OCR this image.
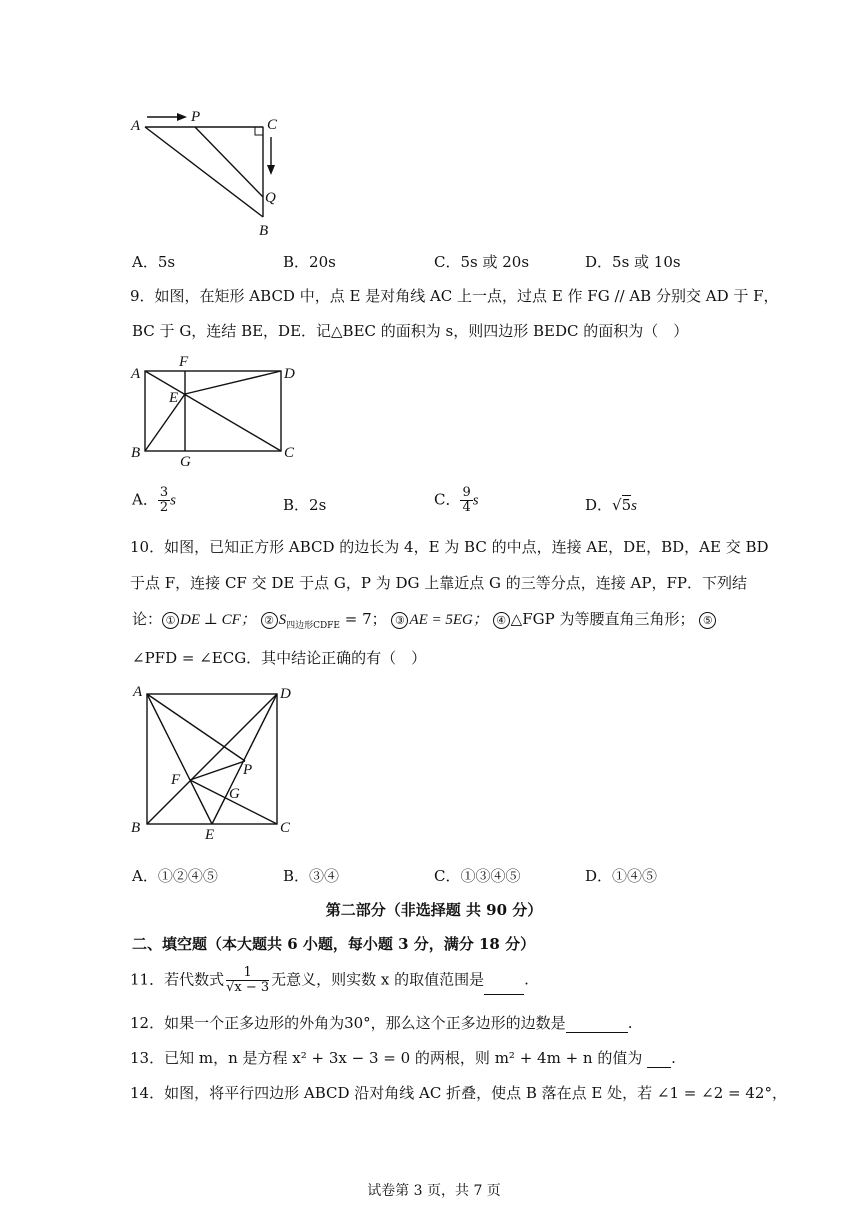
A
P	C
Q
B
A．5s	B．20s	C．5s 或 20s	D．5s 或 10s
9．如图，在矩形 ABCD 中，点 E 是对角线 AC 上一点，过点 E 作 FG // AB 分别交 AD 于 F，
BC 于 G，连结 BE，DE．记△BEC 的面积为 s，则四边形 BEDC 的面积为（　）
A
F
D
E
B
G
C
A． $\frac{3}{2}$ s	B．2s	C． $\frac{9}{4}$ s	D．√5s
10．如图，已知正方形 ABCD 的边长为 4，E 为 BC 的中点，连接 AE，DE，BD，AE 交 BD
于点 F，连接 CF 交 DE 于点 G，P 为 DG 上靠近点 G 的三等分点，连接 AP，FP．下列结
论： ① DE ⊥ CF； ② $S_{四边形CDFE} = 7$； ③ AE = 5EG； ④ △FGP 为等腰直角三角形； ⑤
∠PFD = ∠ECG．其中结论正确的有（　）
A	D
F
P
G
B	E	C
A．①②④⑤	B．③④	C．①③④⑤	D．①④⑤
第二部分（非选择题 共 90 分）
二、填空题（本大题共 6 小题，每小题 3 分，满分 18 分）
11．若代数式 $\frac{1}{√x - 3}$ 无意义，则实数 x 的取值范围是	.
12．如果一个正多边形的外角为30°，那么这个正多边形的边数是	.
13．已知 m，n 是方程 x² + 3x − 3 = 0 的两根，则 m² + 4m + n 的值为 .
14．如图，将平行四边形 ABCD 沿对角线 AC 折叠，使点 B 落在点 E 处，若 ∠1 = ∠2 = 42°，
试卷第 3 页，共 7 页
